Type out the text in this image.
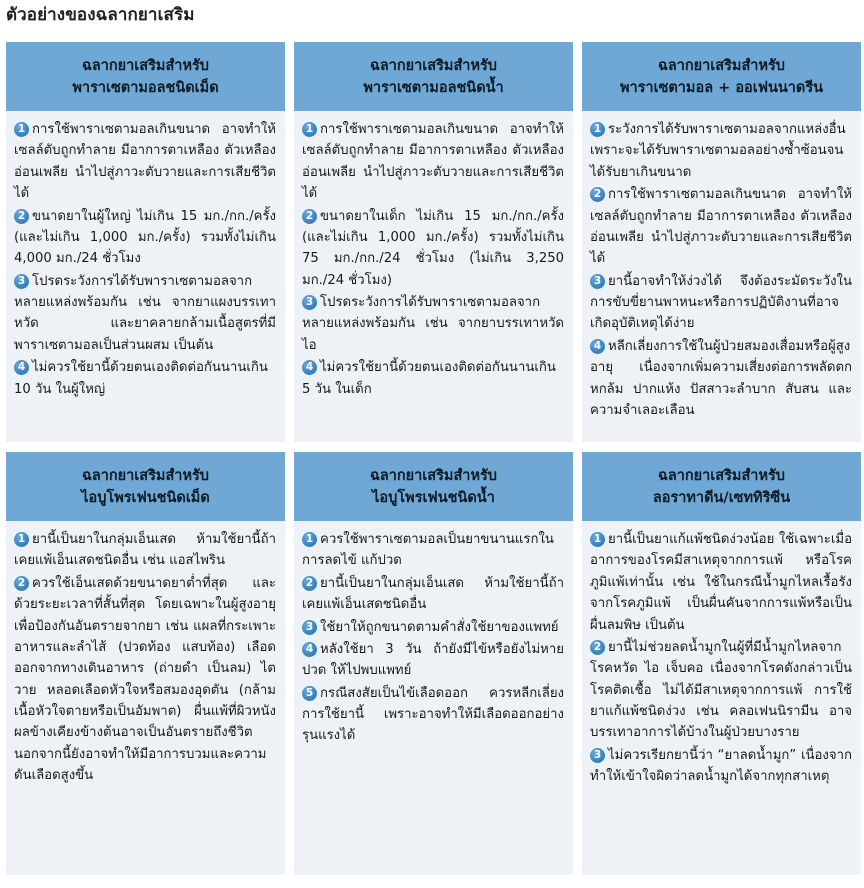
ตัวอย่างของฉลากยาเสริม
ฉลากยาเสริมสำหรับ
พาราเซตามอลชนิดเม็ด
1 การใช้พาราเซตามอลเกินขนาด อาจทำให้เซลล์ตับถูกทำลาย มีอาการตาเหลือง ตัวเหลือง อ่อนเพลีย นำไปสู่ภาวะตับวายและการเสียชีวิตได้
2 ขนาดยาในผู้ใหญ่ ไม่เกิน 15 มก./กก./ครั้ง (และไม่เกิน 1,000 มก./ครั้ง) รวมทั้งไม่เกิน 4,000 มก./24 ชั่วโมง
3 โปรดระวังการได้รับพาราเซตามอลจากหลายแหล่งพร้อมกัน เช่น จากยาแผงบรรเทาหวัด และยาคลายกล้ามเนื้อสูตรที่มีพาราเซตามอลเป็นส่วนผสม เป็นต้น
4 ไม่ควรใช้ยานี้ด้วยตนเองติดต่อกันนานเกิน 10 วัน ในผู้ใหญ่
ฉลากยาเสริมสำหรับ
พาราเซตามอลชนิดน้ำ
1 การใช้พาราเซตามอลเกินขนาด อาจทำให้เซลล์ตับถูกทำลาย มีอาการตาเหลือง ตัวเหลือง อ่อนเพลีย นำไปสู่ภาวะตับวายและการเสียชีวิตได้
2 ขนาดยาในเด็ก ไม่เกิน 15 มก./กก./ครั้ง (และไม่เกิน 1,000 มก./ครั้ง) รวมทั้งไม่เกิน 75 มก./กก./24 ชั่วโมง (ไม่เกิน 3,250 มก./24 ชั่วโมง)
3 โปรดระวังการได้รับพาราเซตามอลจากหลายแหล่งพร้อมกัน เช่น จากยาบรรเทาหวัด ไอ
4 ไม่ควรใช้ยานี้ด้วยตนเองติดต่อกันนานเกิน 5 วัน ในเด็ก
ฉลากยาเสริมสำหรับ
พาราเซตามอล + ออเฟนนาดรีน
1 ระวังการได้รับพาราเซตามอลจากแหล่งอื่นเพราะจะได้รับพาราเซตามอลอย่างซ้ำซ้อนจนได้รับยาเกินขนาด
2 การใช้พาราเซตามอลเกินขนาด อาจทำให้เซลล์ตับถูกทำลาย มีอาการตาเหลือง ตัวเหลือง อ่อนเพลีย นำไปสู่ภาวะตับวายและการเสียชีวิตได้
3 ยานี้อาจทำให้ง่วงได้ จึงต้องระมัดระวังในการขับขี่ยานพาหนะหรือการปฏิบัติงานที่อาจเกิดอุบัติเหตุได้ง่าย
4 หลีกเลี่ยงการใช้ในผู้ป่วยสมองเสื่อมหรือผู้สูงอายุ เนื่องจากเพิ่มความเสี่ยงต่อการพลัดตก หกล้ม ปากแห้ง ปัสสาวะลำบาก สับสน และความจำเลอะเลือน
ฉลากยาเสริมสำหรับ
ไอบูโพรเฟนชนิดเม็ด
1 ยานี้เป็นยาในกลุ่มเอ็นเสด ห้ามใช้ยานี้ถ้าเคยแพ้เอ็นเสดชนิดอื่น เช่น แอสไพริน
2 ควรใช้เอ็นเสดด้วยขนาดยาต่ำที่สุด และด้วยระยะเวลาที่สั้นที่สุด โดยเฉพาะในผู้สูงอายุ เพื่อป้องกันอันตรายจากยา เช่น แผลที่กระเพาะอาหารและลำไส้ (ปวดท้อง แสบท้อง) เลือดออกจากทางเดินอาหาร (ถ่ายดำ เป็นลม) ไตวาย หลอดเลือดหัวใจหรือสมองอุดตัน (กล้ามเนื้อหัวใจตายหรือเป็นอัมพาต) ผื่นแพ้ที่ผิวหนัง ผลข้างเคียงข้างต้นอาจเป็นอันตรายถึงชีวิต นอกจากนี้ยังอาจทำให้มีอาการบวมและความดันเลือดสูงขึ้น
ฉลากยาเสริมสำหรับ
ไอบูโพรเฟนชนิดน้ำ
1 ควรใช้พาราเซตามอลเป็นยาขนานแรกในการลดไข้ แก้ปวด
2 ยานี้เป็นยาในกลุ่มเอ็นเสด ห้ามใช้ยานี้ถ้าเคยแพ้เอ็นเสดชนิดอื่น
3 ใช้ยาให้ถูกขนาดตามคำสั่งใช้ยาของแพทย์
4 หลังใช้ยา 3 วัน ถ้ายังมีไข้หรือยังไม่หายปวด ให้ไปพบแพทย์
5 กรณีสงสัยเป็นไข้เลือดออก ควรหลีกเลี่ยงการใช้ยานี้ เพราะอาจทำให้มีเลือดออกอย่างรุนแรงได้
ฉลากยาเสริมสำหรับ
ลอราทาดีน/เซททิริซีน
1 ยานี้เป็นยาแก้แพ้ชนิดง่วงน้อย ใช้เฉพาะเมื่ออาการของโรคมีสาเหตุจากการแพ้ หรือโรคภูมิแพ้เท่านั้น เช่น ใช้ในกรณีน้ำมูกไหลเรื้อรังจากโรคภูมิแพ้ เป็นผื่นคันจากการแพ้หรือเป็นผื่นลมพิษ เป็นต้น
2 ยานี้ไม่ช่วยลดน้ำมูกในผู้ที่มีน้ำมูกไหลจากโรคหวัด ไอ เจ็บคอ เนื่องจากโรคดังกล่าวเป็นโรคติดเชื้อ ไม่ได้มีสาเหตุจากการแพ้ การใช้ยาแก้แพ้ชนิดง่วง เช่น คลอเฟนนิรามีน อาจบรรเทาอาการได้บ้างในผู้ป่วยบางราย
3 ไม่ควรเรียกยานี้ว่า “ยาลดน้ำมูก” เนื่องจากทำให้เข้าใจผิดว่าลดน้ำมูกได้จากทุกสาเหตุ
